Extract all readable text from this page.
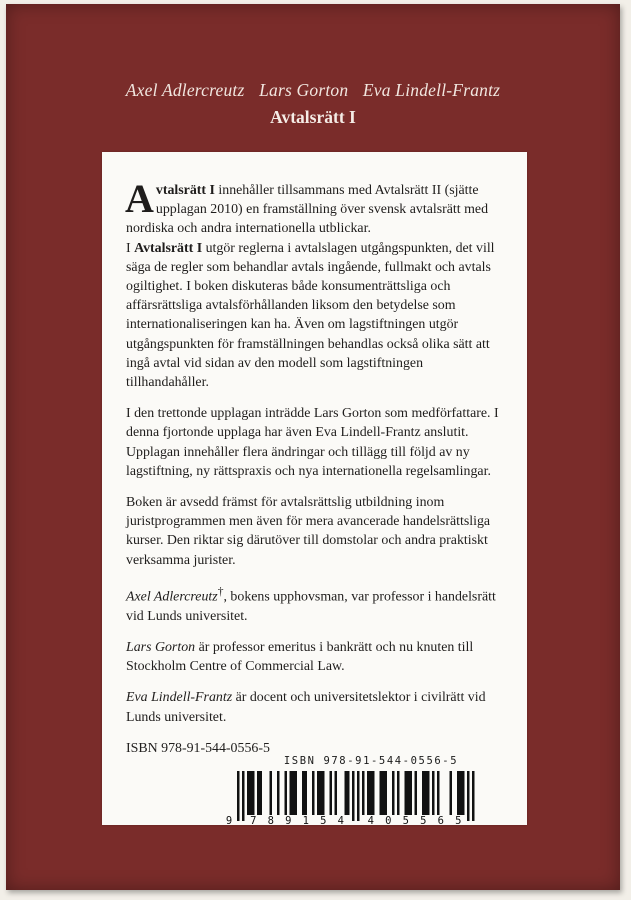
Axel Adlercreutz Lars Gorton Eva Lindell-Frantz
Avtalsrätt I

Avtalsrätt I innehåller tillsammans med Avtalsrätt II (sjätte upplagan 2010) en framställning över svensk avtalsrätt med nordiska och andra internationella utblickar.
I Avtalsrätt I utgör reglerna i avtalslagen utgångspunkten, det vill säga de regler som behandlar avtals ingående, fullmakt och avtals ogiltighet. I boken diskuteras både konsumenträttsliga och affärsrättsliga avtalsförhållanden liksom den betydelse som internationaliseringen kan ha. Även om lagstiftningen utgör utgångspunkten för framställningen behandlas också olika sätt att ingå avtal vid sidan av den modell som lagstiftningen tillhandahåller.

I den trettonde upplagan inträdde Lars Gorton som medförfattare. I denna fjortonde upplaga har även Eva Lindell-Frantz anslutit. Upplagan innehåller flera ändringar och tillägg till följd av ny lagstiftning, ny rättspraxis och nya internationella regelsamlingar.

Boken är avsedd främst för avtalsrättslig utbildning inom juristprogrammen men även för mera avancerade handelsrättsliga kurser. Den riktar sig därutöver till domstolar och andra praktiskt verksamma jurister.

Axel Adlercreutz†, bokens upphovsman, var professor i handelsrätt vid Lunds universitet.

Lars Gorton är professor emeritus i bankrätt och nu knuten till Stockholm Centre of Commercial Law.

Eva Lindell-Frantz är docent och universitetslektor i civilrätt vid Lunds universitet.

ISBN 978-91-544-0556-5

ISBN 978-91-544-0556-5
9 7 8 9 1 5 4 4 0 5 5 6 5
